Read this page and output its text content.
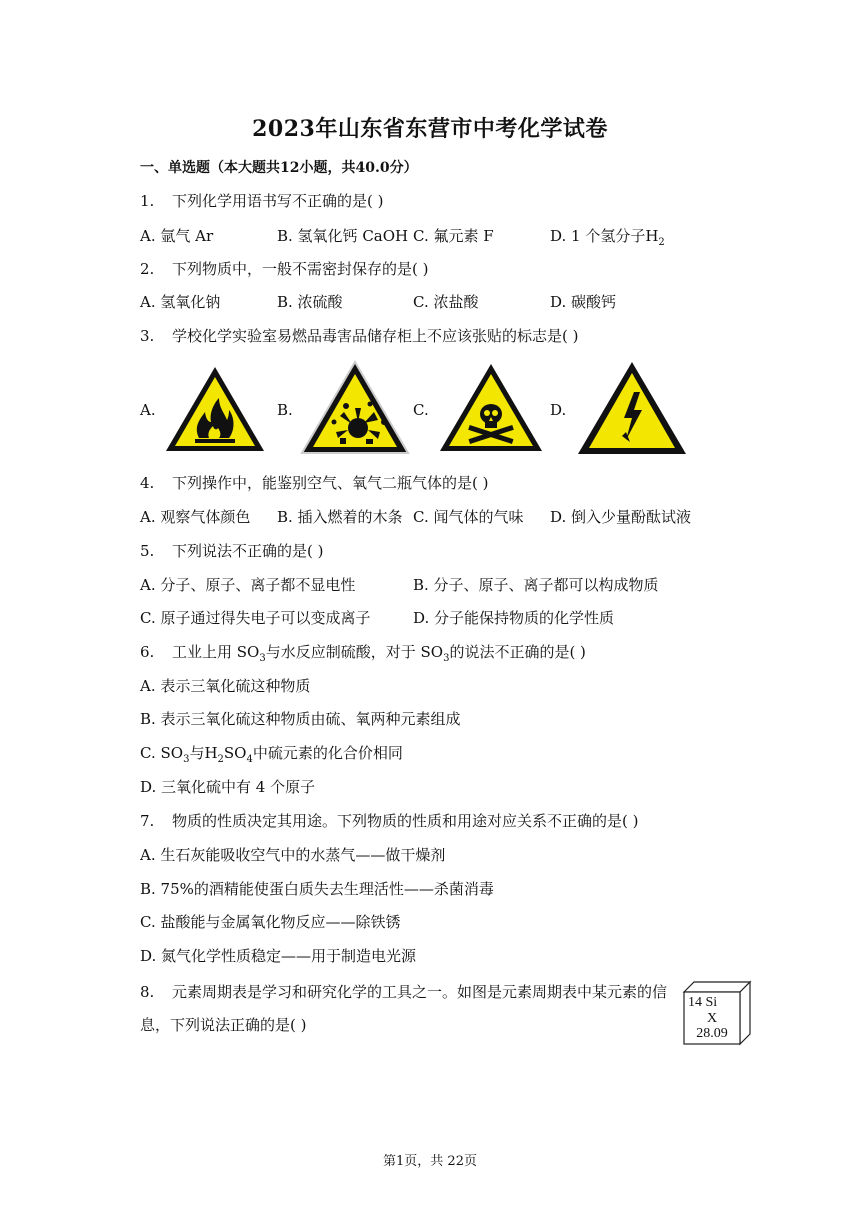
2023年山东省东营市中考化学试卷
一、单选题（本大题共12小题，共40.0分）
1. 下列化学用语书写不正确的是( )
A. 氩气 Ar	B. 氢氧化钙 CaOH C. 氟元素 F	D. 1 个氢分子$H_2$
2. 下列物质中，一般不需密封保存的是( )
A. 氢氧化钠	B. 浓硫酸	C. 浓盐酸	D. 碳酸钙
3. 学校化学实验室易燃品毒害品储存柜上不应该张贴的标志是( )
A.	B.	C.	D.
4. 下列操作中，能鉴别空气、氧气二瓶气体的是( )
A. 观察气体颜色 B. 插入燃着的木条 C. 闻气体的气味 D. 倒入少量酚酞试液
5. 下列说法不正确的是( )
A. 分子、原子、离子都不显电性	B. 分子、原子、离子都可以构成物质
C. 原子通过得失电子可以变成离子	D. 分子能保持物质的化学性质
6. 工业上用 $SO_3$与水反应制硫酸，对于 $SO_3$的说法不正确的是( )
A. 表示三氧化硫这种物质
B. 表示三氧化硫这种物质由硫、氧两种元素组成
C. $SO_3$与$H_2SO_4$中硫元素的化合价相同
D. 三氧化硫中有 4 个原子
7. 物质的性质决定其用途。下列物质的性质和用途对应关系不正确的是( )
A. 生石灰能吸收空气中的水蒸气——做干燥剂
B. 75%的酒精能使蛋白质失去生理活性——杀菌消毒
C. 盐酸能与金属氧化物反应——除铁锈
D. 氮气化学性质稳定——用于制造电光源
8. 元素周期表是学习和研究化学的工具之一。如图是元素周期表中某元素的信
息，下列说法正确的是( )
14 Si
X
28.09
第1页，共 22页
